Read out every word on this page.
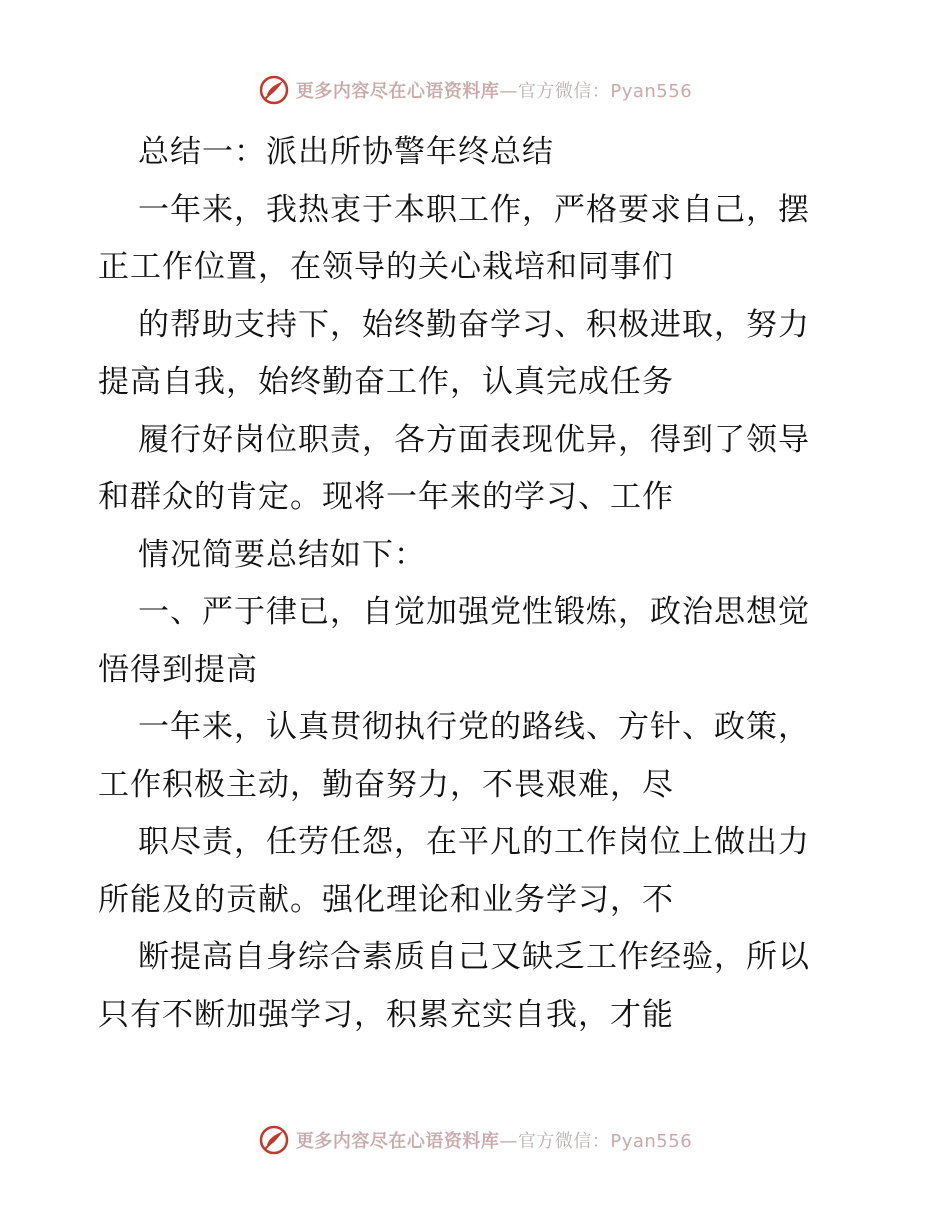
更多内容尽在心语资料库—官方微信：Pyan556
总结一：派出所协警年终总结
一年来，我热衷于本职工作，严格要求自己，摆
正工作位置，在领导的关心栽培和同事们
的帮助支持下，始终勤奋学习、积极进取，努力
提高自我，始终勤奋工作，认真完成任务
履行好岗位职责，各方面表现优异，得到了领导
和群众的肯定。现将一年来的学习、工作
情况简要总结如下：
一、严于律已，自觉加强党性锻炼，政治思想觉
悟得到提高
一年来，认真贯彻执行党的路线、方针、政策，
工作积极主动，勤奋努力，不畏艰难，尽
职尽责，任劳任怨，在平凡的工作岗位上做出力
所能及的贡献。强化理论和业务学习，不
断提高自身综合素质自己又缺乏工作经验，所以
只有不断加强学习，积累充实自我，才能
更多内容尽在心语资料库—官方微信：Pyan556
